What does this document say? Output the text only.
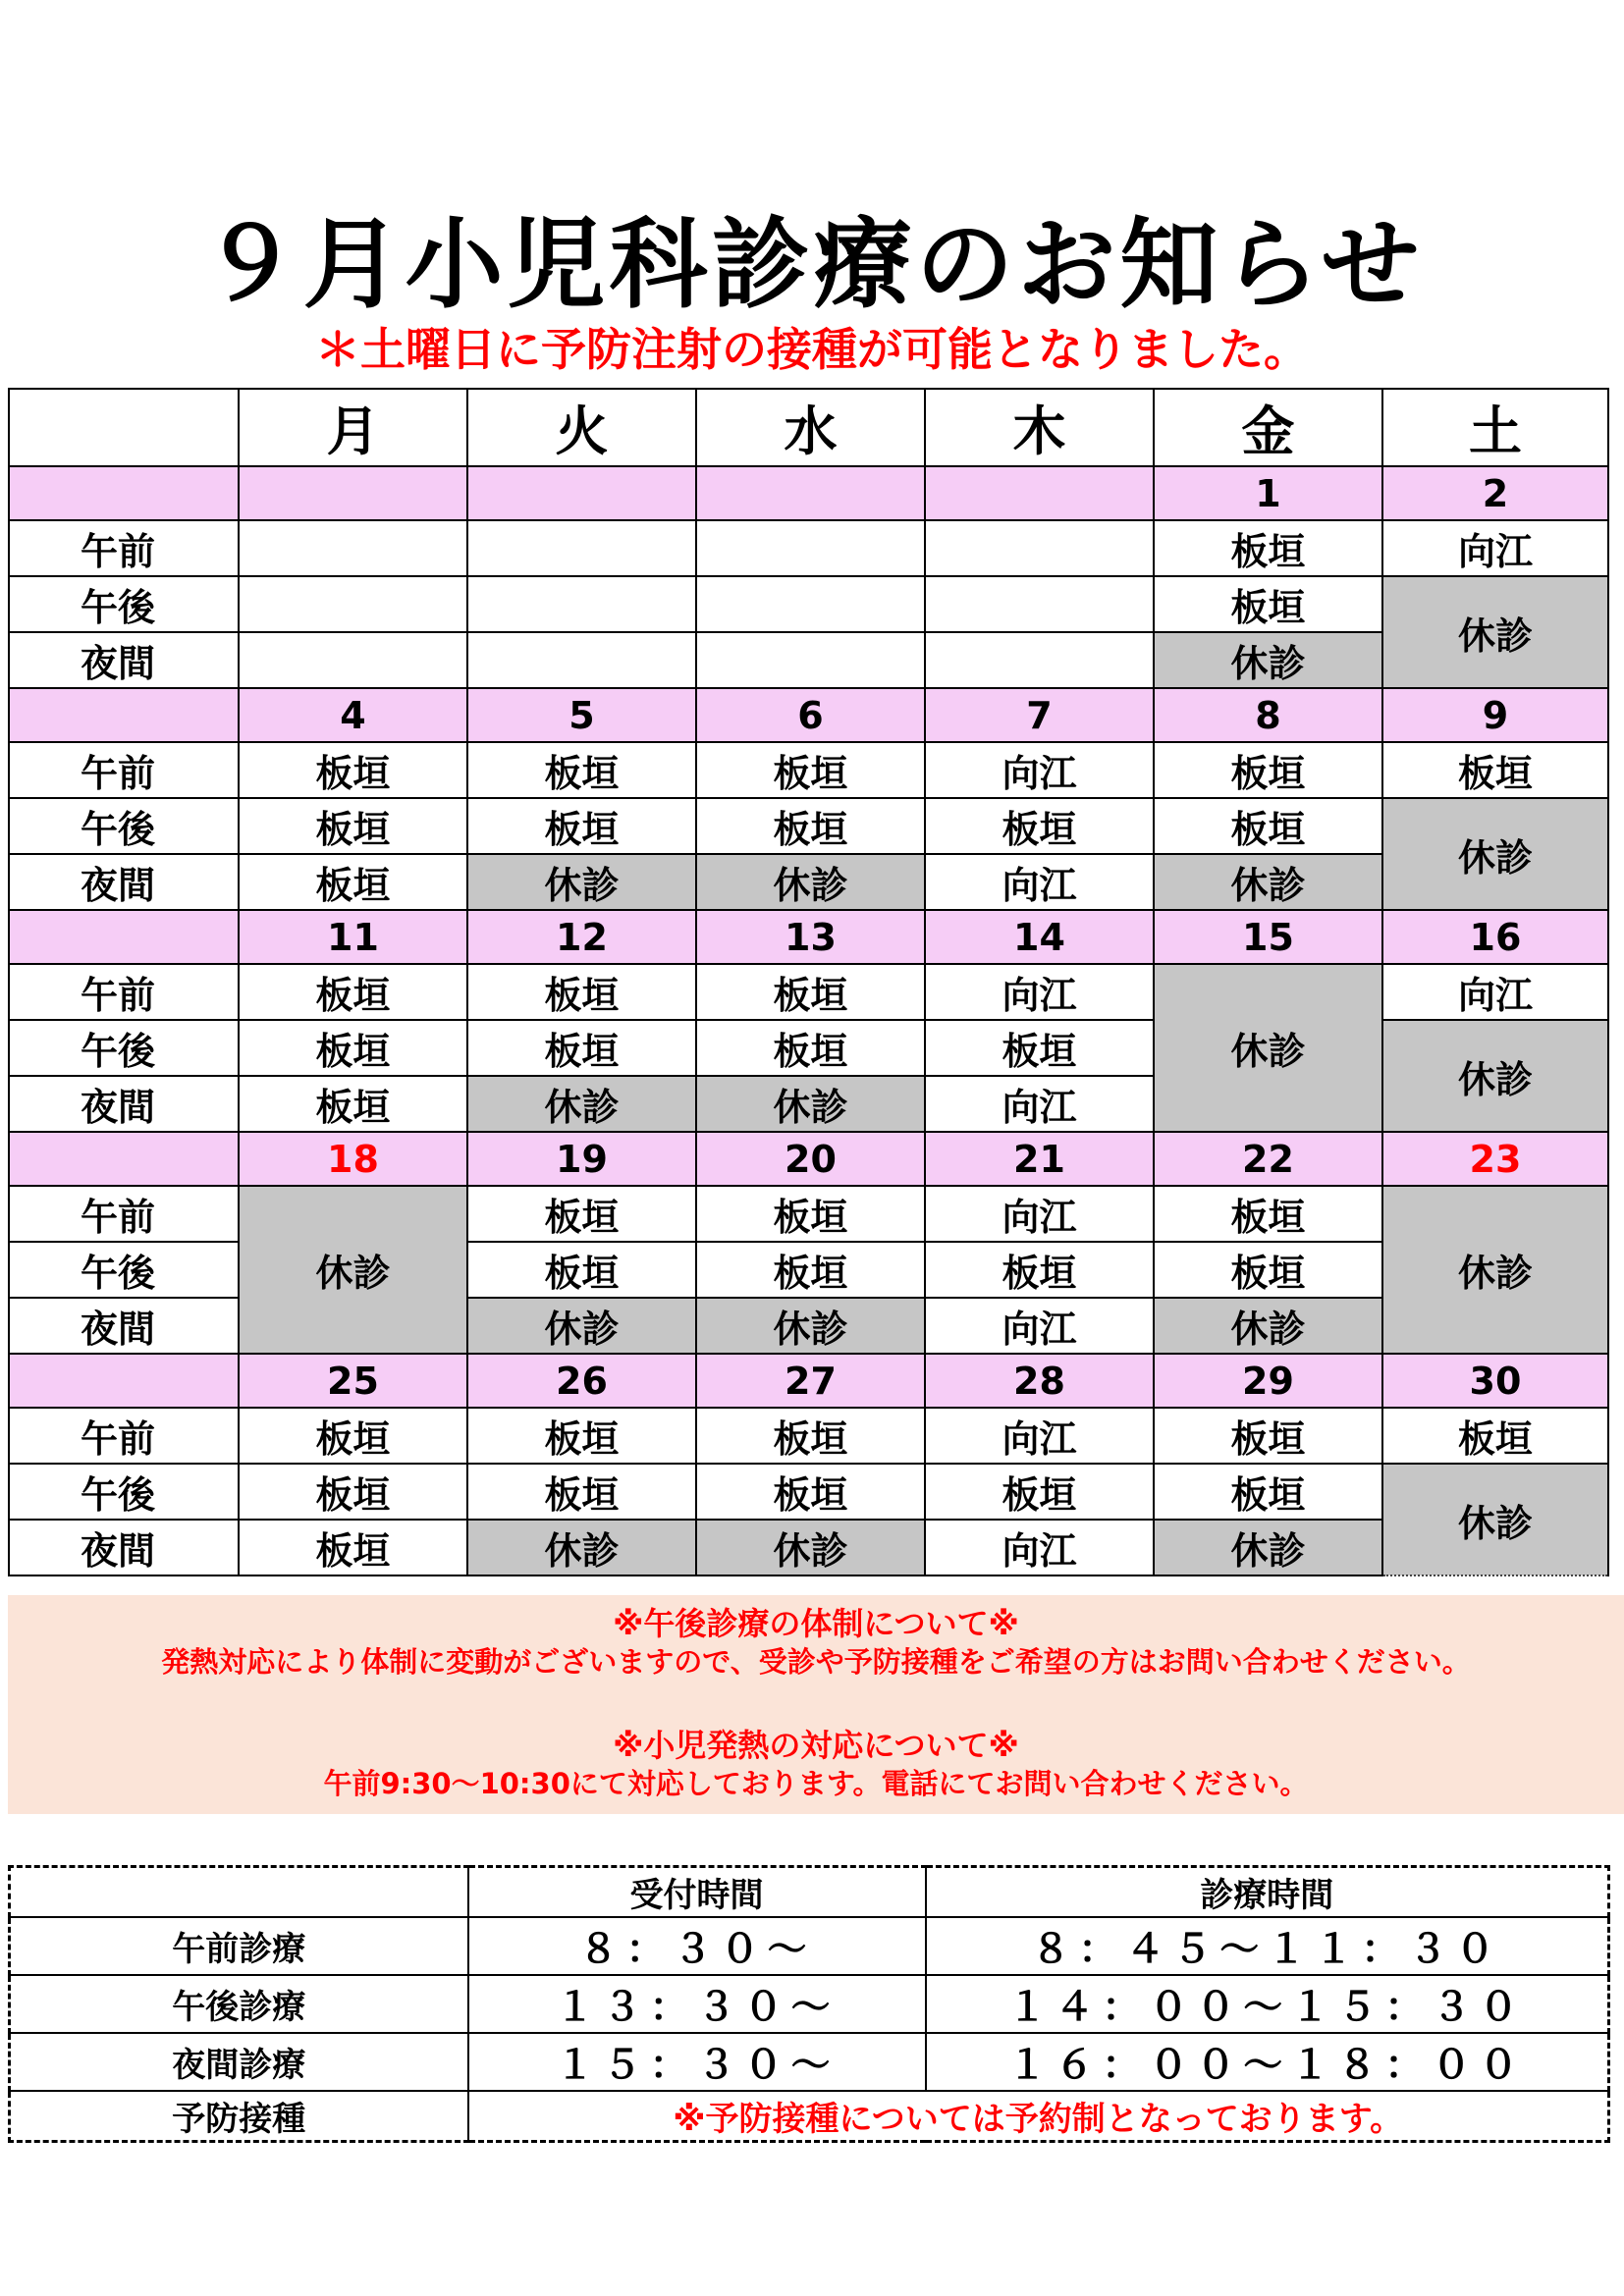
９月小児科診療のお知らせ
＊土曜日に予防注射の接種が可能となりました。
	月	火	水	木	金	土
					1	2
午前					板垣	向江
午後					板垣	休診
夜間					休診	
	4	5	6	7	8	9
午前	板垣	板垣	板垣	向江	板垣	板垣
午後	板垣	板垣	板垣	板垣	板垣	休診
夜間	板垣	休診	休診	向江	休診	
	11	12	13	14	15	16
午前	板垣	板垣	板垣	向江	休診	向江
午後	板垣	板垣	板垣	板垣		休診
夜間	板垣	休診	休診	向江		
	18	19	20	21	22	23
午前	休診	板垣	板垣	向江	板垣	休診
午後		板垣	板垣	板垣	板垣	
夜間		休診	休診	向江	休診	
	25	26	27	28	29	30
午前	板垣	板垣	板垣	向江	板垣	板垣
午後	板垣	板垣	板垣	板垣	板垣	休診
夜間	板垣	休診	休診	向江	休診	
※午後診療の体制について※
発熱対応により体制に変動がございますので、受診や予防接種をご希望の方はお問い合わせください。
※小児発熱の対応について※
午前9:30～10:30にて対応しております。電話にてお問い合わせください。
	受付時間	診療時間
午前診療	８：３０～	８：４５～１１：３０
午後診療	１３：３０～	１４：００～１５：３０
夜間診療	１５：３０～	１６：００～１８：００
予防接種	※予防接種については予約制となっております。	
